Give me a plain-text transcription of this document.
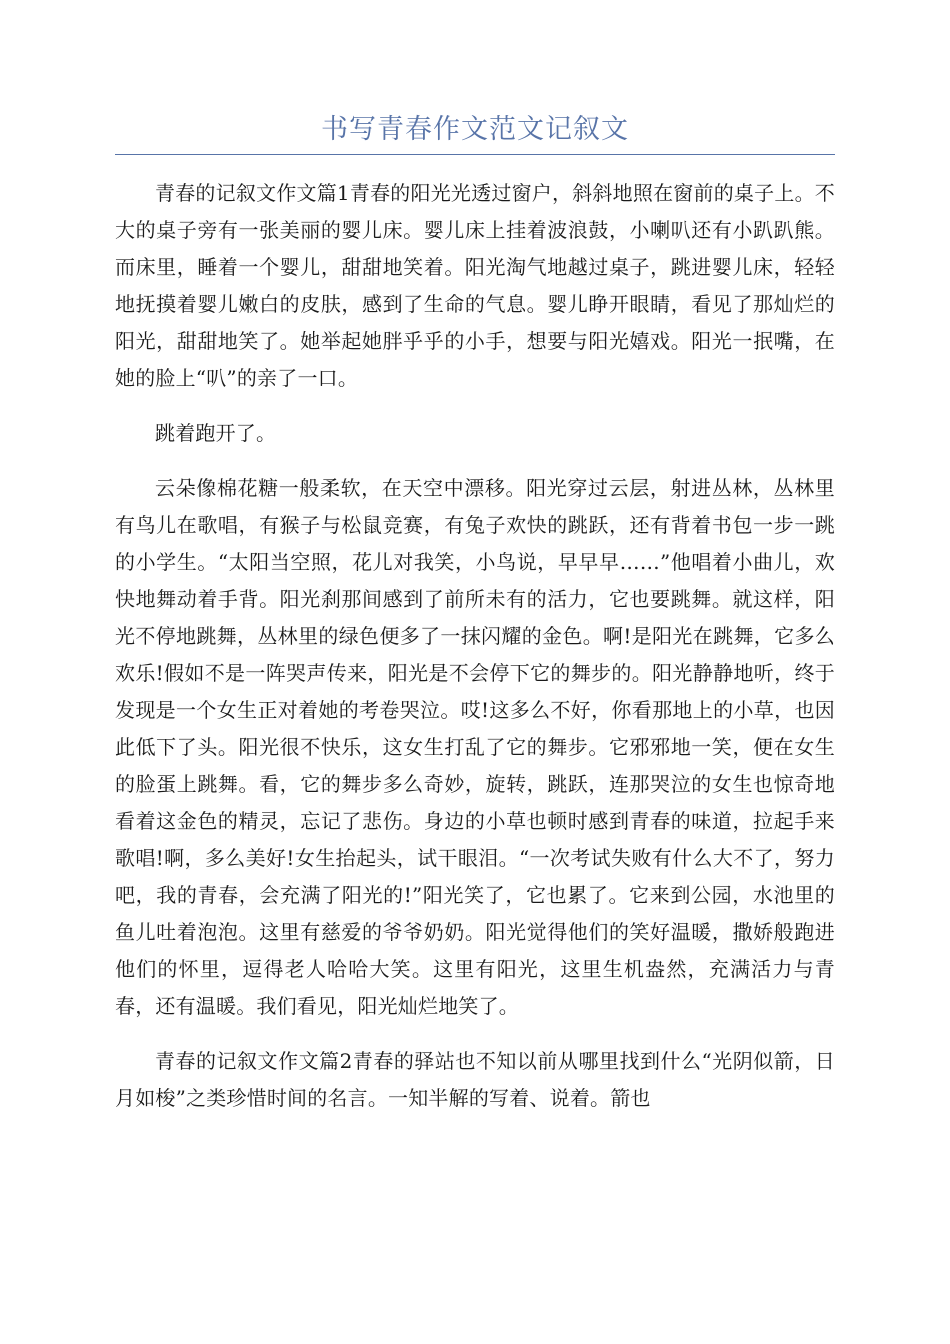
书写青春作文范文记叙文

青春的记叙文作文篇1青春的阳光光透过窗户，斜斜地照在窗前的桌子上。不大的桌子旁有一张美丽的婴儿床。婴儿床上挂着波浪鼓，小喇叭还有小趴趴熊。而床里，睡着一个婴儿，甜甜地笑着。阳光淘气地越过桌子，跳进婴儿床，轻轻地抚摸着婴儿嫩白的皮肤，感到了生命的气息。婴儿睁开眼睛，看见了那灿烂的阳光，甜甜地笑了。她举起她胖乎乎的小手，想要与阳光嬉戏。阳光一抿嘴，在她的脸上“叭”的亲了一口。

跳着跑开了。

云朵像棉花糖一般柔软，在天空中漂移。阳光穿过云层，射进丛林，丛林里有鸟儿在歌唱，有猴子与松鼠竞赛，有兔子欢快的跳跃，还有背着书包一步一跳的小学生。“太阳当空照，花儿对我笑，小鸟说，早早早……”他唱着小曲儿，欢快地舞动着手背。阳光刹那间感到了前所未有的活力，它也要跳舞。就这样，阳光不停地跳舞，丛林里的绿色便多了一抹闪耀的金色。啊!是阳光在跳舞，它多么欢乐!假如不是一阵哭声传来，阳光是不会停下它的舞步的。阳光静静地听，终于发现是一个女生正对着她的考卷哭泣。哎!这多么不好，你看那地上的小草，也因此低下了头。阳光很不快乐，这女生打乱了它的舞步。它邪邪地一笑，便在女生的脸蛋上跳舞。看，它的舞步多么奇妙，旋转，跳跃，连那哭泣的女生也惊奇地看着这金色的精灵，忘记了悲伤。身边的小草也顿时感到青春的味道，拉起手来歌唱!啊，多么美好!女生抬起头，试干眼泪。“一次考试失败有什么大不了，努力吧，我的青春，会充满了阳光的!”阳光笑了，它也累了。它来到公园，水池里的鱼儿吐着泡泡。这里有慈爱的爷爷奶奶。阳光觉得他们的笑好温暖，撒娇般跑进他们的怀里，逗得老人哈哈大笑。这里有阳光，这里生机盎然，充满活力与青春，还有温暖。我们看见，阳光灿烂地笑了。

青春的记叙文作文篇2青春的驿站也不知以前从哪里找到什么“光阴似箭，日月如梭”之类珍惜时间的名言。一知半解的写着、说着。箭也
